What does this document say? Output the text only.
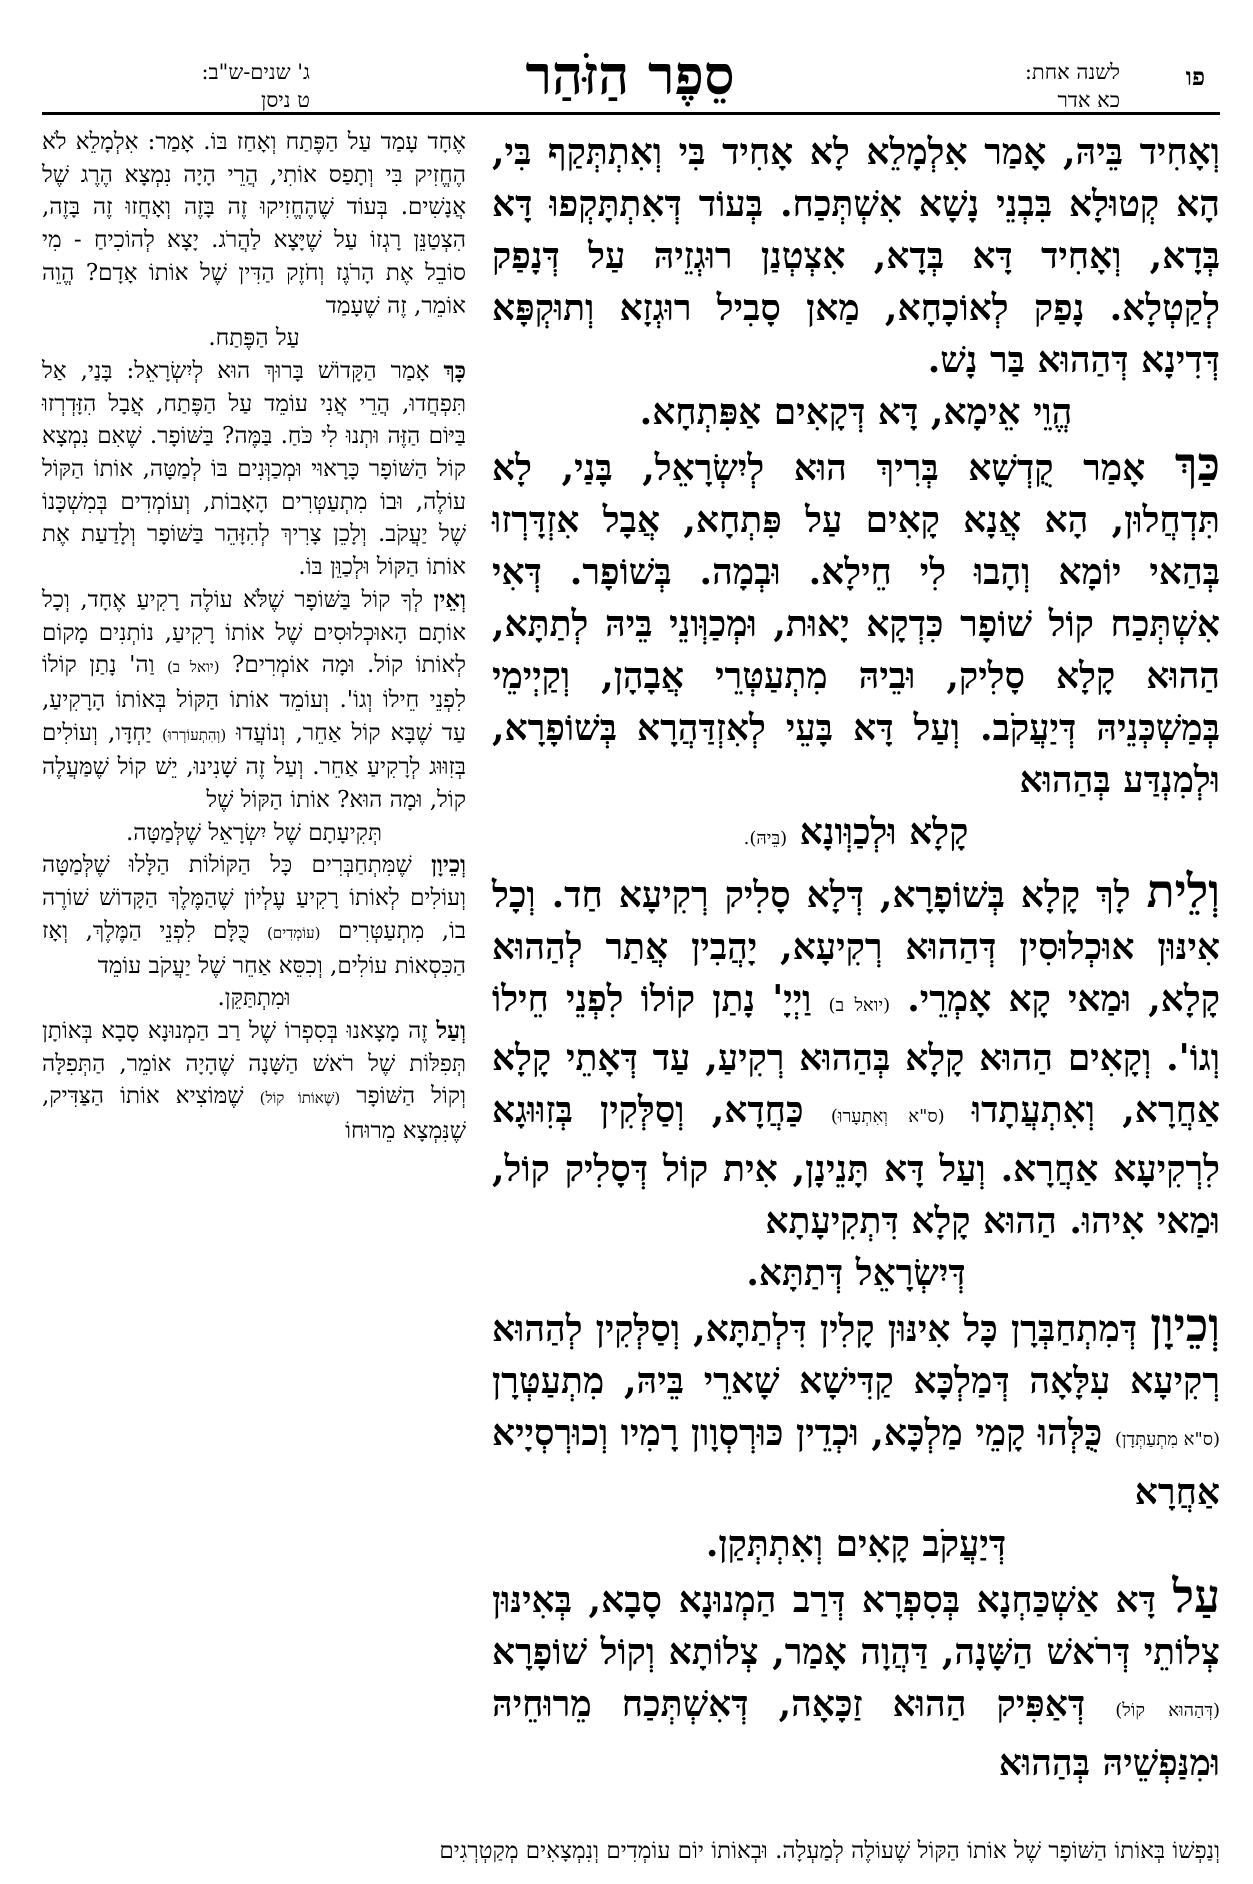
פו
לשנה אחת:
כא אדר
סֵפֶר הַזֹּהַר
ג' שנים-ש"ב:
ט ניסן

וְאָחִיד בֵּיהּ, אָמַר אִלְמָלֵא לָא אָחִיד בִּי וְאִתְתְּקַף בִּי, הָא קְטוּלָא בִּבְנֵי נָשָׁא אִשְׁתְּכַח. בְּעוֹד דְּאִתְתָּקְפוּ דָּא בְּדָא, וְאָחִיד דָּא בְּדָא, אִצְטְנַן רוּגְזֵיהּ עַל דְּנָפַק לְקַטְלָא. נָפַק לְאוֹכָחָא, מַאן סָבִיל רוּגְזָא וְתוּקְפָּא דְּדִינָא דְּהַהוּא בַּר נָשׁ.

הֱוֵי אֵימָא, דָּא דְּקָאִים אַפִּתְחָא.

כַּךְ אָמַר קֻדְשָׁא בְּרִיךְ הוּא לְיִשְׂרָאֵל, בָּנַי, לָא תִּדְחֲלוּן, הָא אֲנָא קָאִים עַל פִּתְחָא, אֲבָל אִזְדָּרְזוּ בְּהַאי יוֹמָא וְהָבוּ לִי חֵילָא. וּבְמָה. בְּשׁוֹפָר. דְּאִי אִשְׁתְּכַח קוֹל שׁוֹפָר כִּדְקָא יָאוּת, וּמְכַוְּונֵי בֵּיהּ לְתַתָּא, הַהוּא קָלָא סָלִיק, וּבֵיהּ מִתְעַטְּרֵי אֲבָהָן, וְקַיְימֵי בְּמַשְׁכְּנֵיהּ דְּיַעֲקֹב. וְעַל דָּא בָּעֵי לְאִזְדַּהֲרָא בְּשׁוֹפָרָא, וּלְמִנְדַּע בְּהַהוּא

קָלָא וּלְכַוְּונָא (בֵּיהּ).

וְלֵית לָךְ קָלָא בְּשׁוֹפָרָא, דְּלָא סָלִיק רְקִיעָא חַד. וְכָל אִינּוּן אוּכְלוּסִין דְּהַהוּא רְקִיעָא, יָהֲבִין אֲתַר לְהַהוּא קָלָא, וּמַאי קָא אָמְרֵי. (יואל ב) וַיְיָ' נָתַן קוֹלוֹ לִפְנֵי חֵילוֹ וְגוֹ'. וְקָאִים הַהוּא קָלָא בְּהַהוּא רְקִיעַ, עַד דְּאָתֵי קָלָא אַחֲרָא, וְאִתְעֲתָדוּ (ס"א וְאִתְעָרוּ) כַּחֲדָא, וְסַלְּקִין בְּזִוּוּגָא לִרְקִיעָא אַחֲרָא. וְעַל דָּא תָּנֵינָן, אִית קוֹל דְּסָלִיק קוֹל, וּמַאי אִיהוּ. הַהוּא קָלָא דִּתְקִיעָתָא

דְּיִשְׂרָאֵל דְּתַתָּא.

וְכֵיוָן דְּמִתְחַבְּרָן כָּל אִינּוּן קָלִין דִּלְתַתָּא, וְסַלְּקִין לְהַהוּא רְקִיעָא עִלָּאָה דְּמַלְכָּא קַדִּישָׁא שָׁארֵי בֵּיהּ, מִתְעַטְּרָן (ס"א מִתְעַתְּדָן) כֻּלְּהוּ קָמֵי מַלְכָּא, וּכְדֵין כּוּרְסְוָון רָמִיו וְכוּרְסְיָיא אַחֲרָא

דְּיַעֲקֹב קָאִים וְאִתְתְּקַן.

עַל דָּא אַשְׁכַּחְנָא בְּסִפְרָא דְּרַב הַמְנוּנָא סָבָא, בְּאִינּוּן צְלוֹתֵי דְּרֹאשׁ הַשָּׁנָה, דַּהֲוָה אָמַר, צְלוֹתָא וְקוֹל שׁוֹפָרָא (דְּהַהוּא קוֹל) דְּאַפִּיק הַהוּא זַכָּאָה, דְּאִשְׁתְּכַח מֵרוּחֵיהּ וּמִנַּפְשֵׁיהּ בְּהַהוּא

אֶחָד עָמַד עַל הַפֶּתַח וְאָחַז בּוֹ. אָמַר: אִלְמָלֵא לֹא הֶחֱזִיק בִּי וְתָפַס אוֹתִי, הֲרֵי הָיָה נִמְצָא הֶרֶג שֶׁל אֲנָשִׁים. בְּעוֹד שֶׁהֶחֱזִיקוּ זֶה בָּזֶה וְאָחֲזוּ זֶה בָּזֶה, הִצְטַנֵּן רָגְזוֹ עַל שֶׁיָּצָא לַהֲרֹג. יָצָא לְהוֹכִיחַ - מִי סוֹבֵל אֶת הָרֹגֶז וְחֹזֶק הַדִּין שֶׁל אוֹתוֹ אָדָם? הֱוֵה אוֹמֵר, זֶה שֶׁעָמַד

עַל הַפֶּתַח.

כָּךְ אָמַר הַקָּדוֹשׁ בָּרוּךְ הוּא לְיִשְׂרָאֵל: בָּנַי, אַל תִּפְחֲדוּ, הֲרֵי אֲנִי עוֹמֵד עַל הַפֶּתַח, אֲבָל הִזָּדְרְזוּ בַּיּוֹם הַזֶּה וּתְנוּ לִי כֹּחַ. בַּמֶּה? בַּשּׁוֹפָר. שֶׁאִם נִמְצָא קוֹל הַשּׁוֹפָר כָּרָאוּי וּמְכַוְּנִים בּוֹ לְמַטָּה, אוֹתוֹ הַקּוֹל עוֹלֶה, וּבוֹ מִתְעַטְּרִים הָאָבוֹת, וְעוֹמְדִים בְּמִשְׁכָּנוֹ שֶׁל יַעֲקֹב. וְלָכֵן צָרִיךְ לְהִזָּהֵר בַּשּׁוֹפָר וְלָדַעַת אֶת אוֹתוֹ הַקּוֹל וּלְכַוֵּן בּוֹ.

וְאֵין לְךָ קוֹל בַּשּׁוֹפָר שֶׁלֹּא עוֹלֶה רָקִיעַ אֶחָד, וְכָל אוֹתָם הָאוּכְלוּסִים שֶׁל אוֹתוֹ רָקִיעַ, נוֹתְנִים מָקוֹם לְאוֹתוֹ קוֹל. וּמָה אוֹמְרִים? (יואל ב) וַה' נָתַן קוֹלוֹ לִפְנֵי חֵילוֹ וְגוֹ'. וְעוֹמֵד אוֹתוֹ הַקּוֹל בְּאוֹתוֹ הָרָקִיעַ, עַד שֶׁבָּא קוֹל אַחֵר, וְנוֹעֲדוּ (וְהִתְעוֹרְרוּ) יַחְדָּו, וְעוֹלִים בְּזִוּוּג לְרָקִיעַ אַחֵר. וְעַל זֶה שָׁנִינוּ, יֵשׁ קוֹל שֶׁמַּעֲלֶה קוֹל, וּמָה הוּא? אוֹתוֹ הַקּוֹל שֶׁל

תְּקִיעָתָם שֶׁל יִשְׂרָאֵל שֶׁלְּמַטָּה.

וְכֵיוָן שֶׁמִּתְחַבְּרִים כָּל הַקּוֹלוֹת הַלָּלוּ שֶׁלְּמַטָּה וְעוֹלִים לְאוֹתוֹ רָקִיעַ עֶלְיוֹן שֶׁהַמֶּלֶךְ הַקָּדוֹשׁ שׁוֹרֶה בוֹ, מִתְעַטְּרִים (עוֹמְדִים) כֻּלָּם לִפְנֵי הַמֶּלֶךְ, וְאָז הַכִּסְאוֹת עוֹלִים, וְכִסֵּא אַחֵר שֶׁל יַעֲקֹב עוֹמֵד

וּמִתְתַּקֵּן.

וְעַל זֶה מָצָאנוּ בְּסִפְרוֹ שֶׁל רַב הַמְנוּנָא סָבָא בְּאוֹתָן תְּפִלּוֹת שֶׁל רֹאשׁ הַשָּׁנָה שֶׁהָיָה אוֹמֵר, הַתְּפִלָּה וְקוֹל הַשּׁוֹפָר (שֶׁאוֹתוֹ קוֹל) שֶׁמּוֹצִיא אוֹתוֹ הַצַּדִּיק, שֶׁנִּמְצָא מֵרוּחוֹ

וְנַפְשׁוֹ בְּאוֹתוֹ הַשּׁוֹפָר שֶׁל אוֹתוֹ הַקּוֹל שֶׁעוֹלֶה לְמַעְלָה. וּבְאוֹתוֹ יוֹם עוֹמְדִים וְנִמְצָאִים מְקַטְרְגִים
